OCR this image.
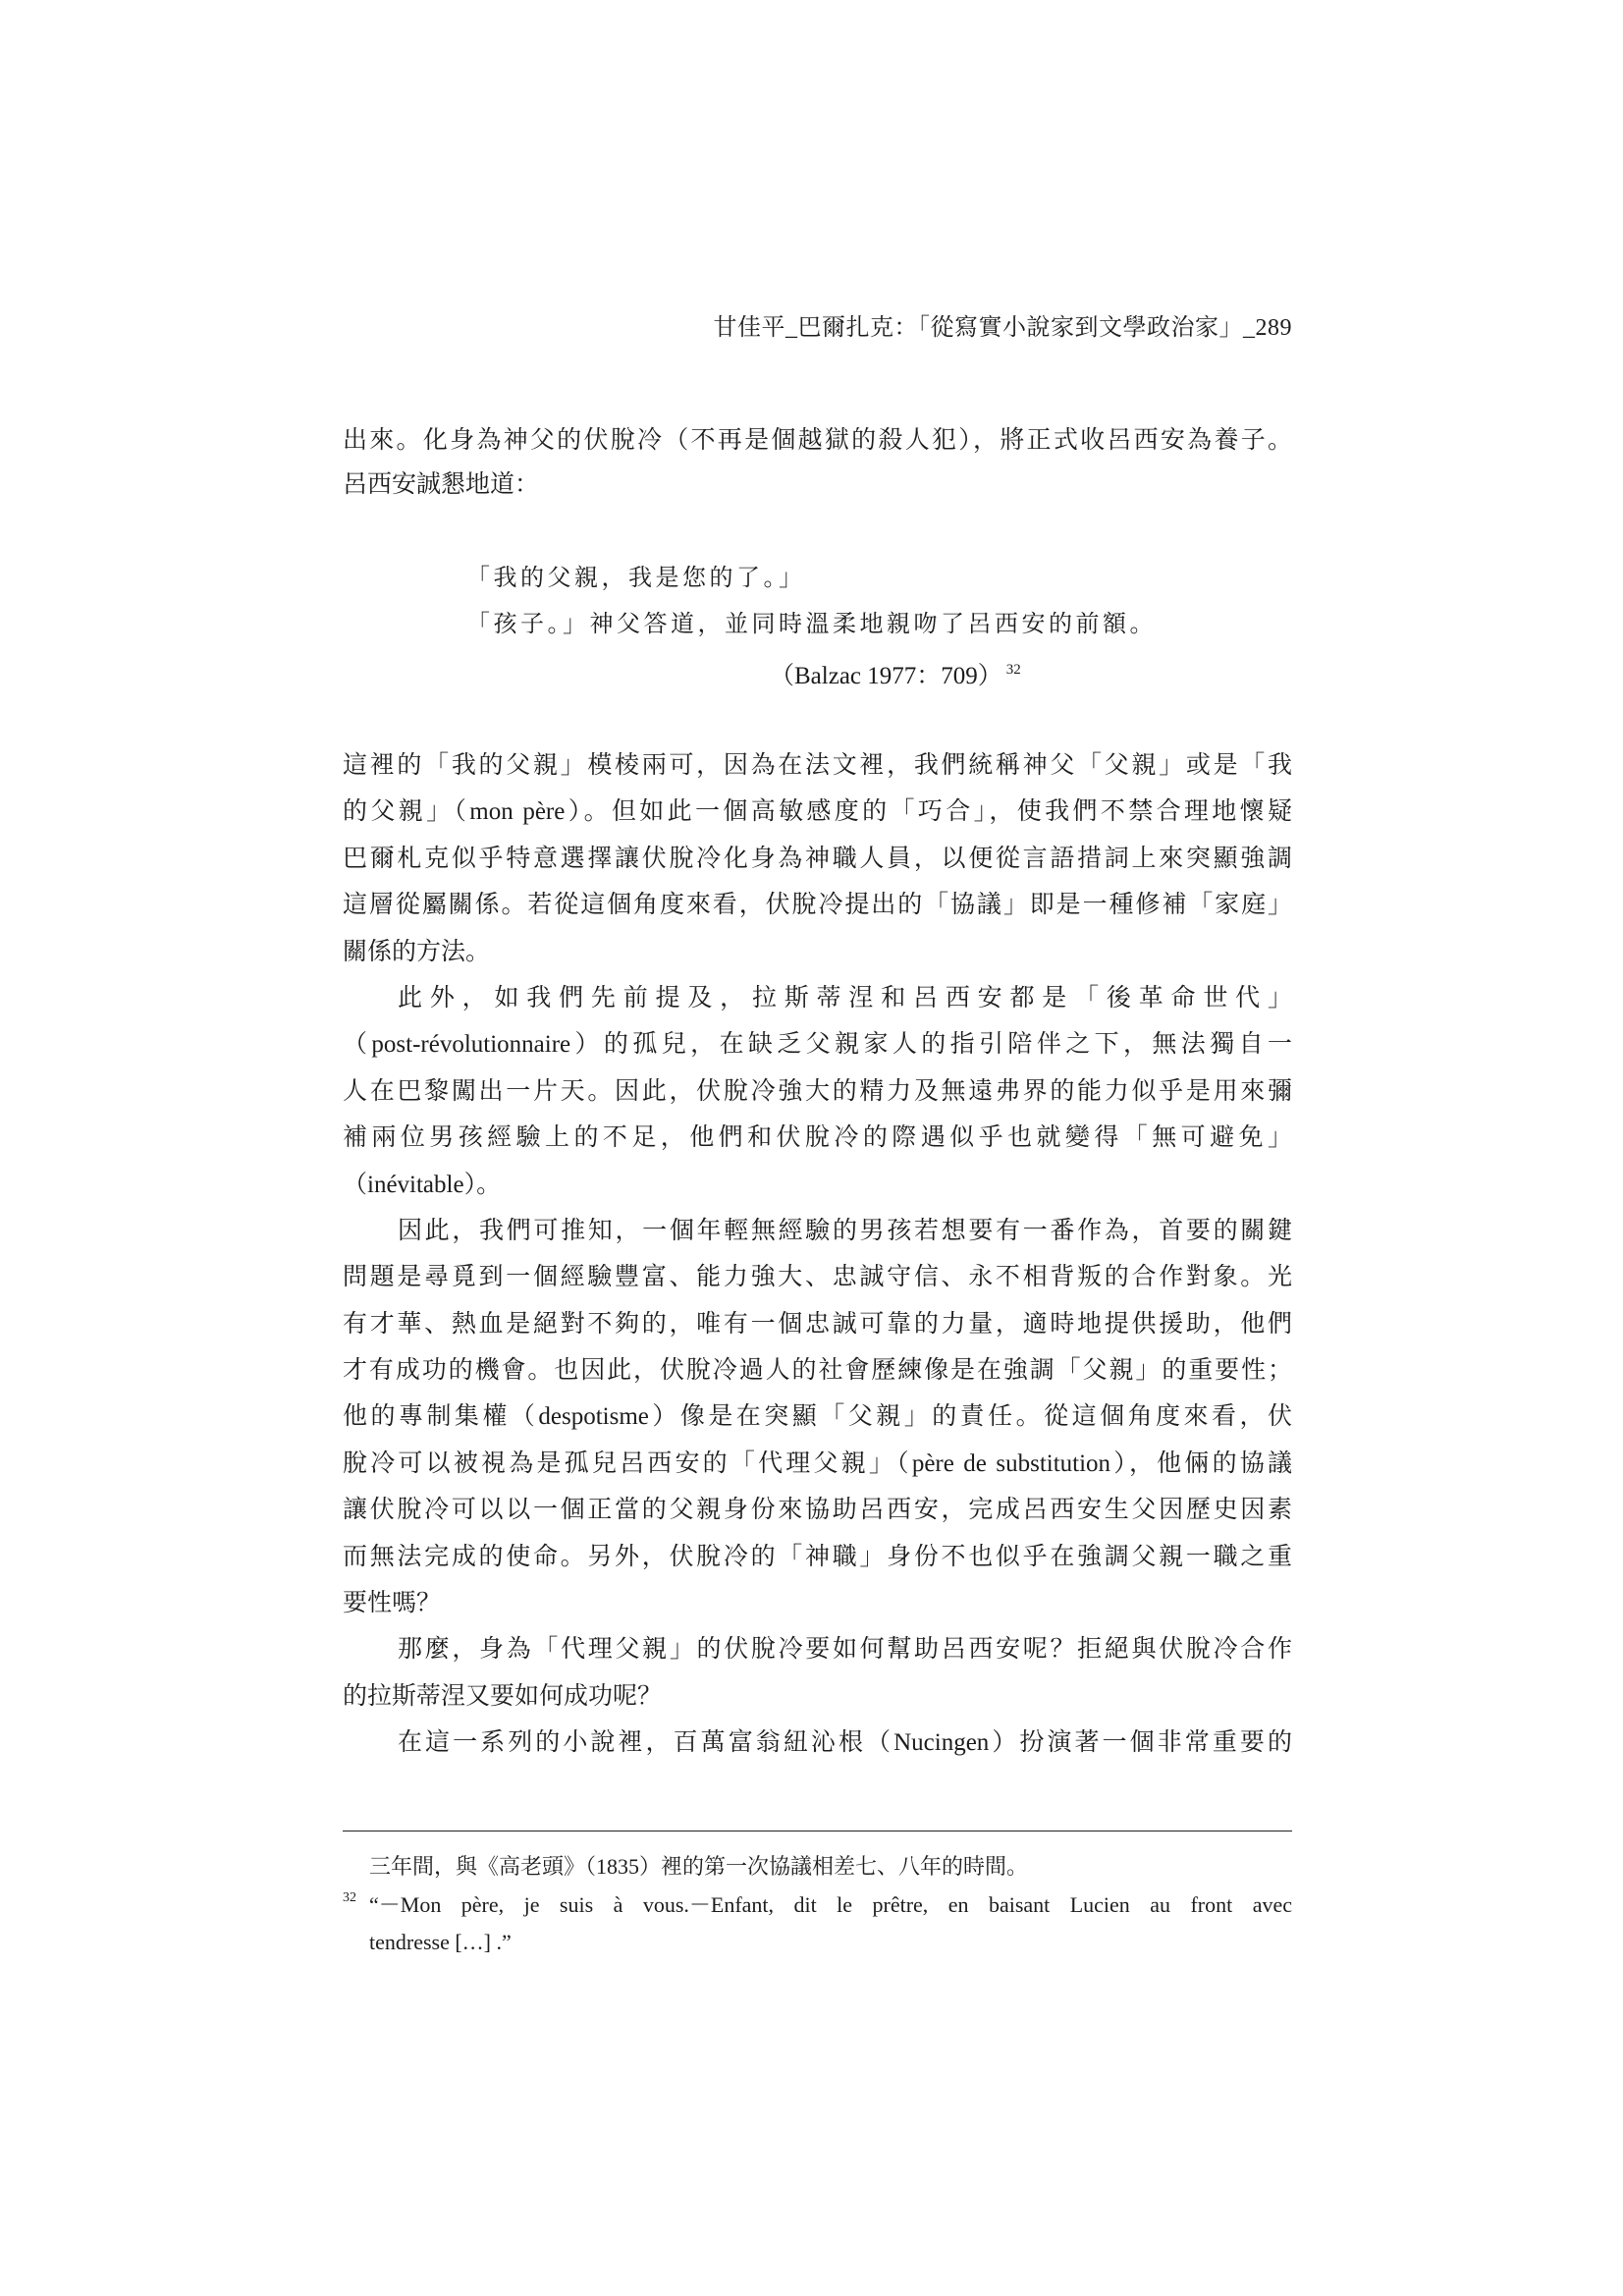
甘佳平_巴爾扎克：「從寫實小說家到文學政治家」_289
出來。化身為神父的伏脫冷（不再是個越獄的殺人犯），將正式收呂西安為養子。
呂西安誠懇地道：
「我的父親，我是您的了。」
「孩子。」神父答道，並同時溫柔地親吻了呂西安的前額。
（Balzac 1977：709） $^{32}$
這裡的「我的父親」模棱兩可，因為在法文裡，我們統稱神父「父親」或是「我
的父親」（mon père）。但如此一個高敏感度的「巧合」，使我們不禁合理地懷疑
巴爾札克似乎特意選擇讓伏脫冷化身為神職人員，以便從言語措詞上來突顯強調
這層從屬關係。若從這個角度來看，伏脫冷提出的「協議」即是一種修補「家庭」
關係的方法。
此外，如我們先前提及，拉斯蒂涅和呂西安都是「後革命世代」
（post-révolutionnaire）的孤兒，在缺乏父親家人的指引陪伴之下，無法獨自一
人在巴黎闖出一片天。因此，伏脫冷強大的精力及無遠弗界的能力似乎是用來彌
補兩位男孩經驗上的不足，他們和伏脫冷的際遇似乎也就變得「無可避免」
（inévitable）。
因此，我們可推知，一個年輕無經驗的男孩若想要有一番作為，首要的關鍵
問題是尋覓到一個經驗豐富、能力強大、忠誠守信、永不相背叛的合作對象。光
有才華、熱血是絕對不夠的，唯有一個忠誠可靠的力量，適時地提供援助，他們
才有成功的機會。也因此，伏脫冷過人的社會歷練像是在強調「父親」的重要性；
他的專制集權（despotisme）像是在突顯「父親」的責任。從這個角度來看，伏
脫冷可以被視為是孤兒呂西安的「代理父親」（père de substitution），他倆的協議
讓伏脫冷可以以一個正當的父親身份來協助呂西安，完成呂西安生父因歷史因素
而無法完成的使命。另外，伏脫冷的「神職」身份不也似乎在強調父親一職之重
要性嗎？
那麼，身為「代理父親」的伏脫冷要如何幫助呂西安呢？拒絕與伏脫冷合作
的拉斯蒂涅又要如何成功呢？
在這一系列的小說裡，百萬富翁紐沁根（Nucingen）扮演著一個非常重要的
三年間，與《高老頭》（1835）裡的第一次協議相差七、八年的時間。
32 “－Mon père, je suis à vous.－Enfant, dit le prêtre, en baisant Lucien au front avec
tendresse […] .”
